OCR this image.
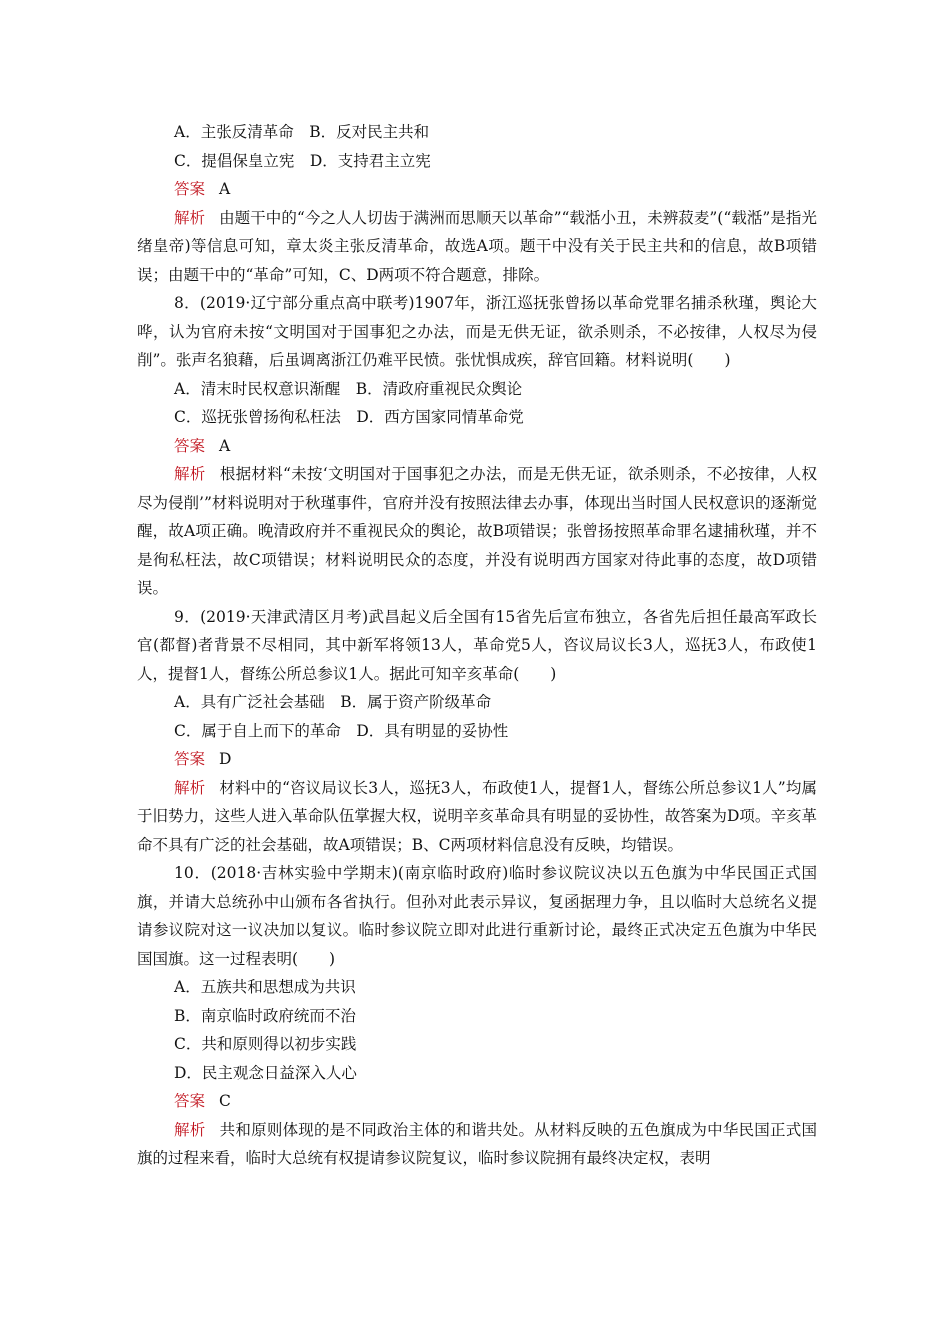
A．主张反清革命　B．反对民主共和

C．提倡保皇立宪　D．支持君主立宪

答案 A

解析 由题干中的“今之人人切齿于满洲而思顺天以革命”“载湉小丑，未辨菽麦”(“载湉”是指光绪皇帝)等信息可知，章太炎主张反清革命，故选A项。题干中没有关于民主共和的信息，故B项错误；由题干中的“革命”可知，C、D两项不符合题意，排除。

8．(2019·辽宁部分重点高中联考)1907年，浙江巡抚张曾扬以革命党罪名捕杀秋瑾，舆论大哗，认为官府未按“文明国对于国事犯之办法，而是无供无证，欲杀则杀，不必按律，人权尽为侵削”。张声名狼藉，后虽调离浙江仍难平民愤。张忧惧成疾，辞官回籍。材料说明(　　)

A．清末时民权意识渐醒　B．清政府重视民众舆论

C．巡抚张曾扬徇私枉法　D．西方国家同情革命党

答案 A

解析 根据材料“未按‘文明国对于国事犯之办法，而是无供无证，欲杀则杀，不必按律，人权尽为侵削’”材料说明对于秋瑾事件，官府并没有按照法律去办事，体现出当时国人民权意识的逐渐觉醒，故A项正确。晚清政府并不重视民众的舆论，故B项错误；张曾扬按照革命罪名逮捕秋瑾，并不是徇私枉法，故C项错误；材料说明民众的态度，并没有说明西方国家对待此事的态度，故D项错误。

9．(2019·天津武清区月考)武昌起义后全国有15省先后宣布独立，各省先后担任最高军政长官(都督)者背景不尽相同，其中新军将领13人，革命党5人，咨议局议长3人，巡抚3人，布政使1人，提督1人，督练公所总参议1人。据此可知辛亥革命(　　)

A．具有广泛社会基础　B．属于资产阶级革命

C．属于自上而下的革命　D．具有明显的妥协性

答案 D

解析 材料中的“咨议局议长3人，巡抚3人，布政使1人，提督1人，督练公所总参议1人”均属于旧势力，这些人进入革命队伍掌握大权，说明辛亥革命具有明显的妥协性，故答案为D项。辛亥革命不具有广泛的社会基础，故A项错误；B、C两项材料信息没有反映，均错误。

10．(2018·吉林实验中学期末)(南京临时政府)临时参议院议决以五色旗为中华民国正式国旗，并请大总统孙中山颁布各省执行。但孙对此表示异议，复函据理力争，且以临时大总统名义提请参议院对这一议决加以复议。临时参议院立即对此进行重新讨论，最终正式决定五色旗为中华民国国旗。这一过程表明(　　)

A．五族共和思想成为共识

B．南京临时政府统而不治

C．共和原则得以初步实践

D．民主观念日益深入人心

答案 C

解析 共和原则体现的是不同政治主体的和谐共处。从材料反映的五色旗成为中华民国正式国旗的过程来看，临时大总统有权提请参议院复议，临时参议院拥有最终决定权，表明
